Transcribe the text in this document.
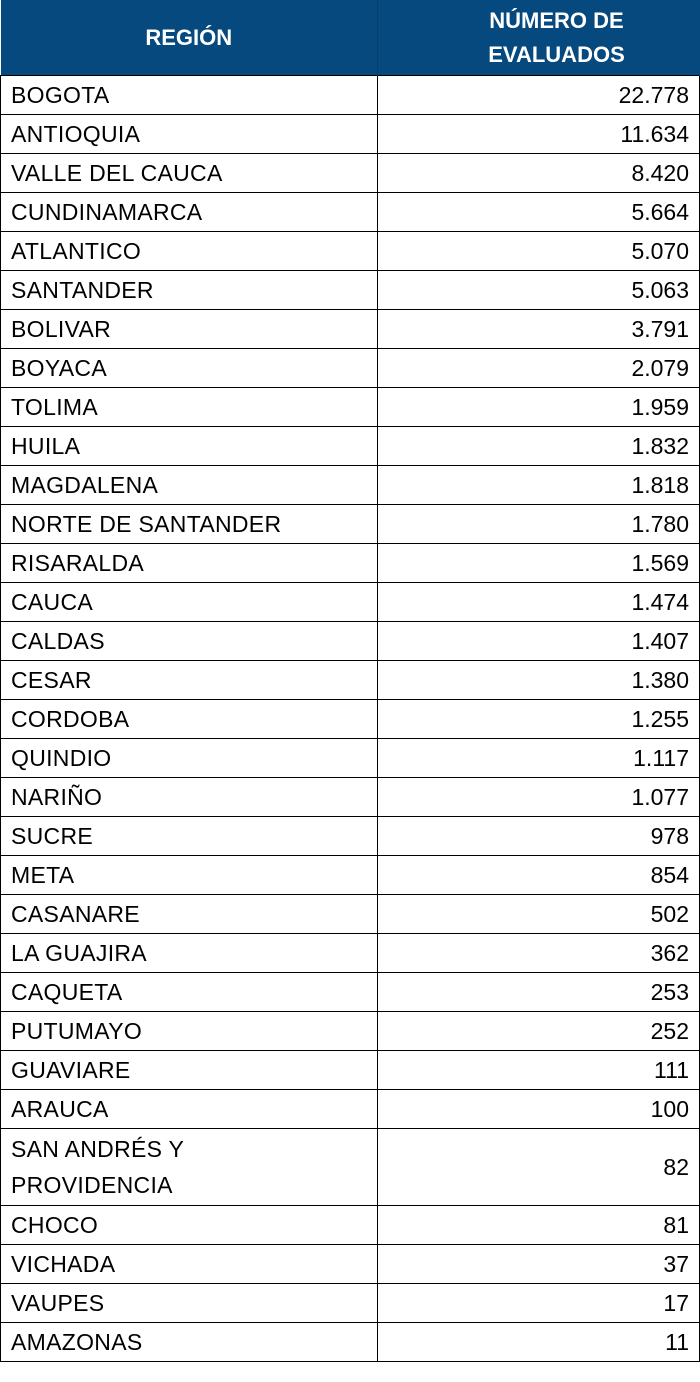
REGIÓN	NÚMERO DE
EVALUADOS

BOGOTA	22.778
ANTIOQUIA	11.634
VALLE DEL CAUCA	8.420
CUNDINAMARCA	5.664
ATLANTICO	5.070
SANTANDER	5.063
BOLIVAR	3.791
BOYACA	2.079
TOLIMA	1.959
HUILA	1.832
MAGDALENA	1.818
NORTE DE SANTANDER	1.780
RISARALDA	1.569
CAUCA	1.474
CALDAS	1.407
CESAR	1.380
CORDOBA	1.255
QUINDIO	1.117
NARIÑO	1.077
SUCRE	978
META	854
CASANARE	502
LA GUAJIRA	362
CAQUETA	253
PUTUMAYO	252
GUAVIARE	111
ARAUCA	100

SAN ANDRÉS Y
PROVIDENCIA	82
CHOCO	81
VICHADA	37
VAUPES	17
AMAZONAS	11
